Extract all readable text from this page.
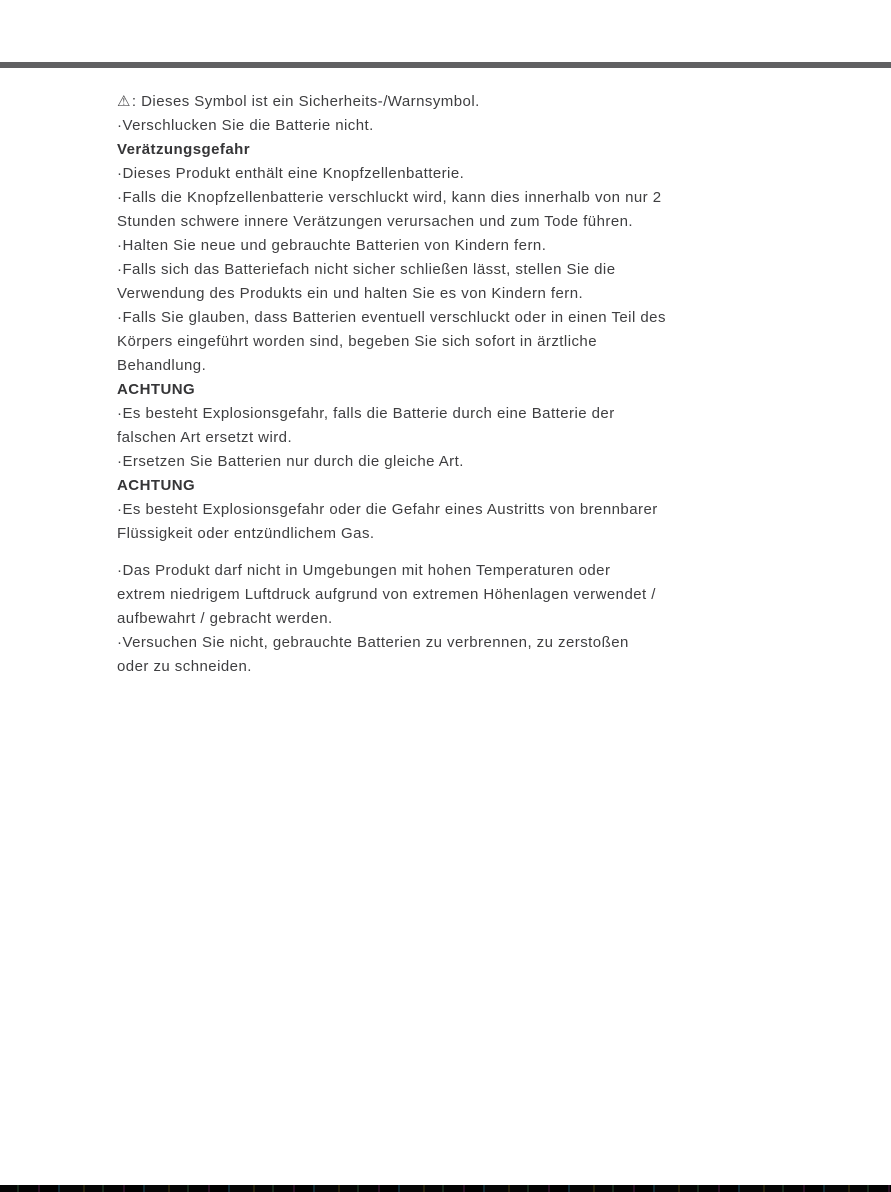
⚠: Dieses Symbol ist ein Sicherheits-/Warnsymbol.
·Verschlucken Sie die Batterie nicht.
Verätzungsgefahr
·Dieses Produkt enthält eine Knopfzellenbatterie.
·Falls die Knopfzellenbatterie verschluckt wird, kann dies innerhalb von nur 2
Stunden schwere innere Verätzungen verursachen und zum Tode führen.
·Halten Sie neue und gebrauchte Batterien von Kindern fern.
·Falls sich das Batteriefach nicht sicher schließen lässt, stellen Sie die
Verwendung des Produkts ein und halten Sie es von Kindern fern.
·Falls Sie glauben, dass Batterien eventuell verschluckt oder in einen Teil des
Körpers eingeführt worden sind, begeben Sie sich sofort in ärztliche
Behandlung.
ACHTUNG
·Es besteht Explosionsgefahr, falls die Batterie durch eine Batterie der
falschen Art ersetzt wird.
·Ersetzen Sie Batterien nur durch die gleiche Art.
ACHTUNG
·Es besteht Explosionsgefahr oder die Gefahr eines Austritts von brennbarer
Flüssigkeit oder entzündlichem Gas.
·Das Produkt darf nicht in Umgebungen mit hohen Temperaturen oder
extrem niedrigem Luftdruck aufgrund von extremen Höhenlagen verwendet /
aufbewahrt / gebracht werden.
·Versuchen Sie nicht, gebrauchte Batterien zu verbrennen, zu zerstoßen
oder zu schneiden.
